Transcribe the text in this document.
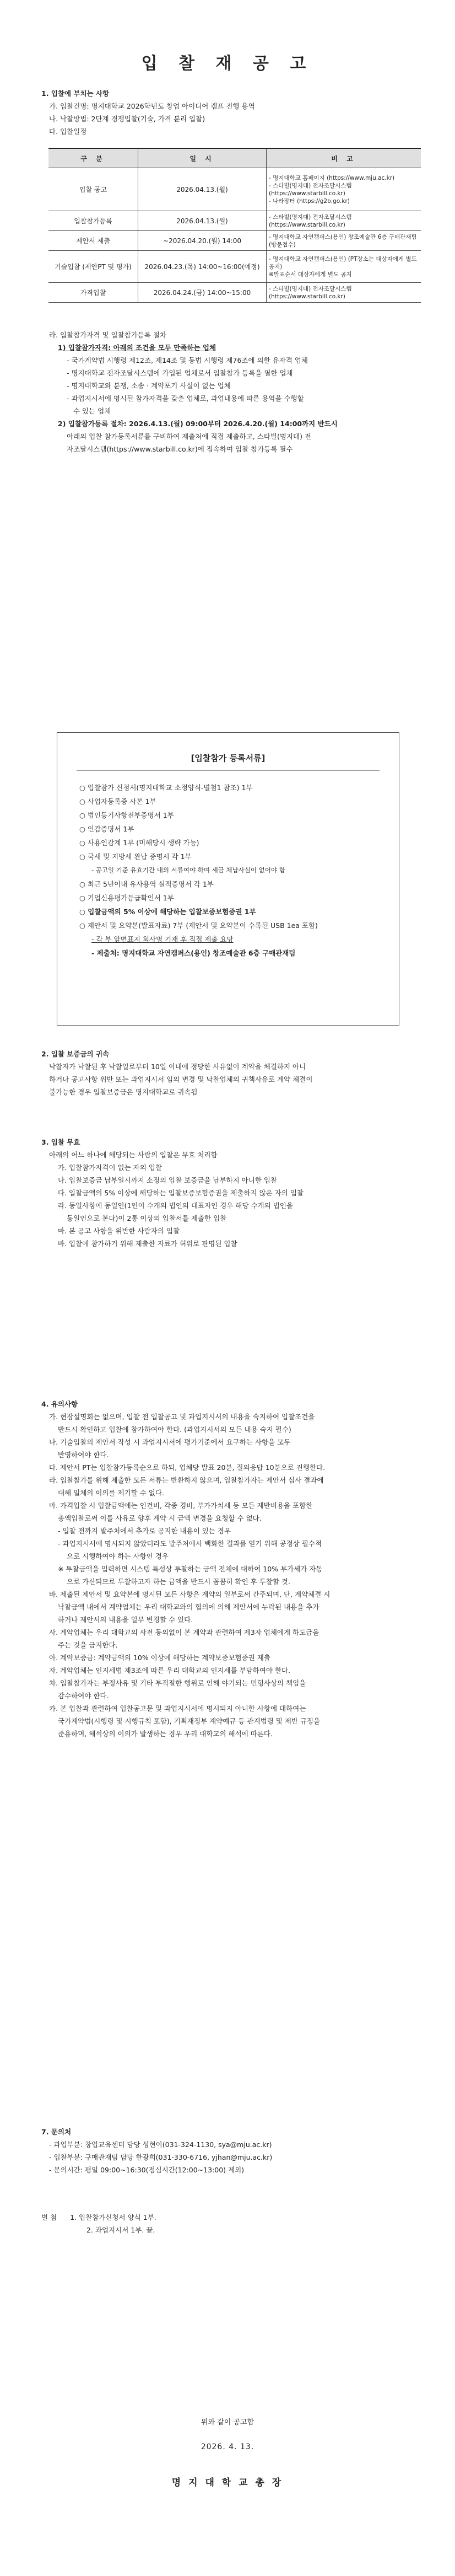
입 찰 재 공 고

1. 입찰에 부치는 사항

가. 입찰건명: 명지대학교 2026학년도 창업 아이디어 캠프 진행 용역

나. 낙찰방법: 2단계 경쟁입찰(기술, 가격 분리 입찰)

다. 입찰일정

구 분	일 시	비 고
입찰 공고	2026.04.13.(월)	- 명지대학교 홈페이지 (https://www.mju.ac.kr)
- 스타빌(명지대) 전자조달시스템 (https://www.starbill.co.kr)
- 나라장터 (https://g2b.go.kr)

입찰참가등록	2026.04.13.(월)	- 스타빌(명지대) 전자조달시스템 (https://www.starbill.co.kr)

제안서 제출	~2026.04.20.(월) 14:00	- 명지대학교 자연캠퍼스(용인) 창조예술관 6층 구매관재팀(방문접수)

기술입찰 (제안PT 및 평가)	2026.04.23.(목) 14:00~16:00(예정)	- 명지대학교 자연캠퍼스(용인) (PT장소는 대상자에게 별도 공지)
※발표순서 대상자에게 별도 공지

가격입찰	2026.04.24.(금) 14:00~15:00	- 스타빌(명지대) 전자조달시스템 (https://www.starbill.co.kr)

라. 입찰참가자격 및 입찰참가등록 절차

1) 입찰참가자격: 아래의 조건을 모두 만족하는 업체

- 국가계약법 시행령 제12조, 제14조 및 동법 시행령 제76조에 의한 유자격 업체

- 명지대학교 전자조달시스템에 가입된 업체로서 입찰참가 등록을 필한 업체

- 명지대학교와 분쟁, 소송 · 계약포기 사실이 없는 업체

- 과업지시서에 명시된 참가자격을 갖춘 업체로, 과업내용에 따른 용역을 수행할

수 있는 업체

2) 입찰참가등록 절차: 2026.4.13.(월) 09:00부터 2026.4.20.(월) 14:00까지 반드시

아래의 입찰 참가등록서류를 구비하여 제출처에 직접 제출하고, 스타빌(명지대) 전

자조달시스템(https://www.starbill.co.kr)에 접속하여 입찰 참가등록 필수

[입찰참가 등록서류]

○ 입찰참가 신청서(명지대학교 소정양식-별첨1 참조) 1부

○ 사업자등록증 사본 1부

○ 법인등기사항전부증명서 1부

○ 인감증명서 1부

○ 사용인감계 1부 (미해당시 생략 가능)

○ 국세 및 지방세 완납 증명서 각 1부

- 공고일 기준 유효기간 내의 서류여야 하며 세금 체납사실이 없어야 함

○ 최근 5년이내 유사용역 실적증명서 각 1부

○ 기업신용평가등급확인서 1부

○ 입찰금액의 5% 이상에 해당하는 입찰보증보험증권 1부

○ 제안서 및 요약본(발표자료) 7부 (제안서 및 요약본이 수록된 USB 1ea 포함)

- 각 부 앞면표지 회사명 기재 후 직접 제출 요망

- 제출처: 명지대학교 자연캠퍼스(용인) 창조예술관 6층 구매관재팀

2. 입찰 보증금의 귀속

낙찰자가 낙찰된 후 낙찰일로부터 10일 이내에 정당한 사유없이 계약을 체결하지 아니

하거나 공고사항 위반 또는 과업지시서 임의 변경 및 낙찰업체의 귀책사유로 계약 체결이

불가능한 경우 입찰보증금은 명지대학교로 귀속됨

3. 입찰 무효

아래의 어느 하나에 해당되는 사람의 입찰은 무효 처리함

가. 입찰참가자격이 없는 자의 입찰

나. 입찰보증금 납부일시까지 소정의 입찰 보증금을 납부하지 아니한 입찰

다. 입찰금액의 5% 이상에 해당하는 입찰보증보험증권을 제출하지 않은 자의 입찰

라. 동일사항에 동일인(1인이 수개의 법인의 대표자인 경우 해당 수개의 법인을

동일인으로 본다)이 2통 이상의 입찰서를 제출한 입찰

마. 본 공고 사항을 위반한 사람자의 입찰

바. 입찰에 참가하기 위해 제출한 자료가 허위로 판명된 입찰

4. 유의사항

가. 현장설명회는 없으며, 입찰 전 입찰공고 및 과업지시서의 내용을 숙지하여 입찰조건을

반드시 확인하고 입찰에 참가하여야 한다. (과업지시서의 모든 내용 숙지 필수)

나. 기술입찰의 제안서 작성 시 과업지시서에 평가기준에서 요구하는 사항을 모두

반영하여야 한다.

다. 제안서 PT는 입찰참가등록순으로 하되, 업체당 발표 20분, 질의응답 10분으로 진행한다.

라. 입찰참가를 위해 제출한 모든 서류는 반환하지 않으며, 입찰참가자는 제안서 심사 결과에

대해 일체의 이의를 제기할 수 없다.

마. 가격입찰 시 입찰금액에는 인건비, 각종 경비, 부가가치세 등 모든 제반비용을 포함한

총액입찰로써 이를 사유로 향후 계약 시 금액 변경을 요청할 수 없다.

- 입찰 전까지 발주처에서 추가로 공지한 내용이 있는 경우

- 과업지시서에 명시되지 않았더라도 발주처에서 백화한 결과를 얻기 위해 공정상 필수적

으로 시행하여야 하는 사항인 경우

※ 투찰금액을 입력하면 시스템 특성상 투찰하는 금액 전체에 대하여 10% 부가세가 자동

으로 가산되므로 투찰하고자 하는 금액을 반드시 꼼꼼히 확인 후 투찰할 것.

바. 제출된 제안서 및 요약본에 명시된 모든 사항은 계약의 일부로써 간주되며, 단, 계약체결 시

낙찰금액 내에서 계약업체는 우리 대학교와의 협의에 의해 제안서에 누락된 내용을 추가

하거나 제안서의 내용을 일부 변경할 수 있다.

사. 계약업체는 우리 대학교의 사전 동의없이 본 계약과 관련하여 제3자 업체에게 하도급을

주는 것을 금지한다.

아. 계약보증금: 계약금액의 10% 이상에 해당하는 계약보증보험증권 제출

자. 계약업체는 인지세법 제3조에 따른 우리 대학교의 인지세를 부담하여야 한다.

차. 입찰참가자는 부정사유 및 기타 부적절한 행위로 인해 야기되는 민형사상의 책임을

감수하여야 한다.

카. 본 입찰과 관련하여 입찰공고문 및 과업지시서에 명시되지 아니한 사항에 대하여는

국가계약법(시행령 및 시행규칙 포함), 기획재정부 계약예규 등 관계법령 및 제반 규정을

준용하며, 해석상의 이의가 발생하는 경우 우리 대학교의 해석에 따른다.

7. 문의처

- 과업부분: 창업교육센터 담당 성현이(031-324-1130, sya@mju.ac.kr)

- 입찰부분: 구매관재팀 담당 한광희(031-330-6716, yjhan@mju.ac.kr)

- 문의시간: 평일 09:00~16:30(점심시간(12:00~13:00) 제외)

별 첨 1. 입찰참가신청서 양식 1부.

2. 과업지시서 1부. 끝.

위와 같이 공고함
2026. 4. 13.
명 지 대 학 교 총 장
